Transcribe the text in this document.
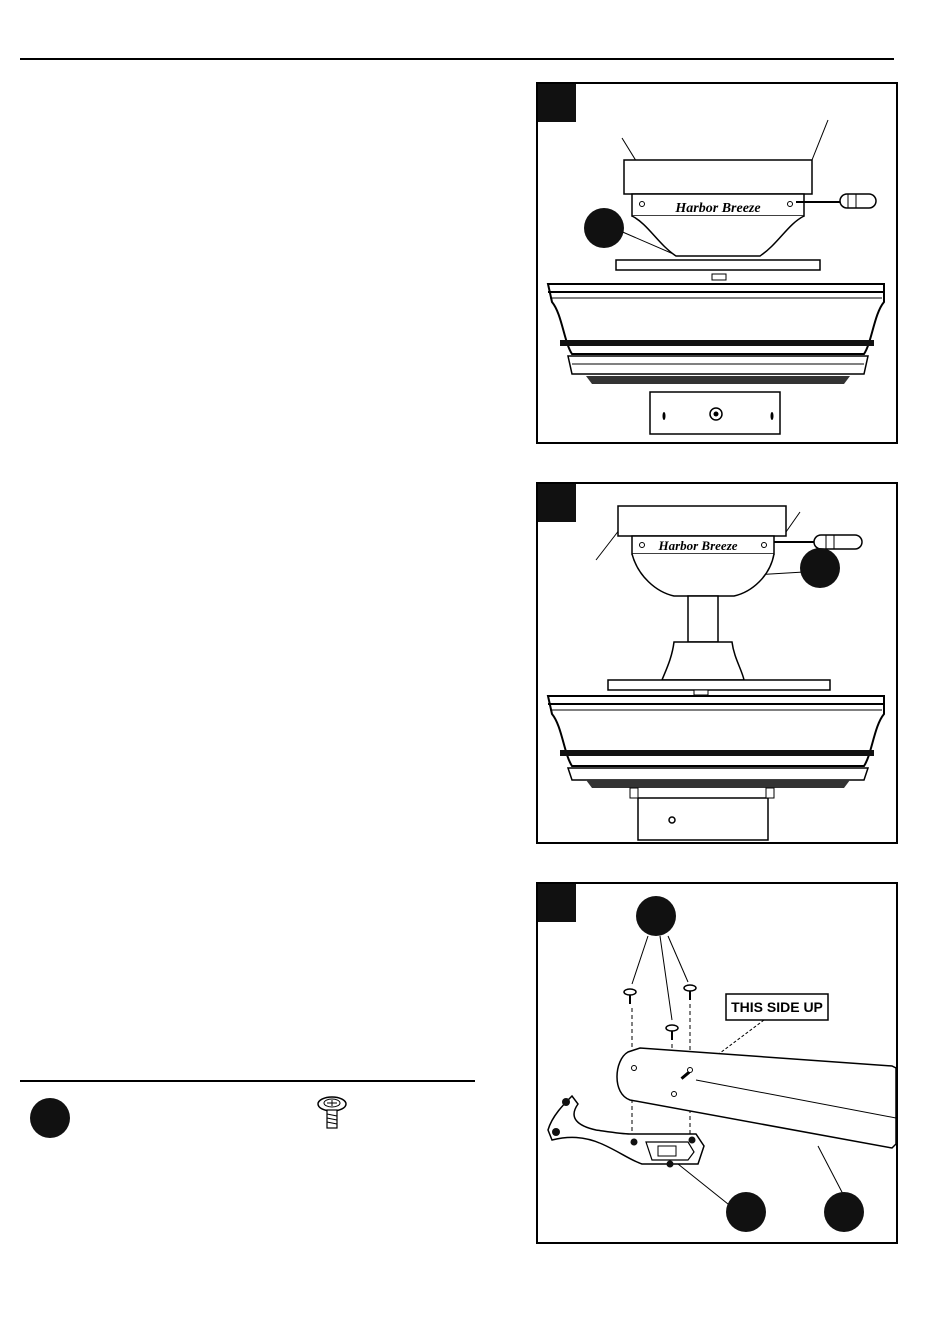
Harbor Breeze
Harbor Breeze
THIS SIDE UP
